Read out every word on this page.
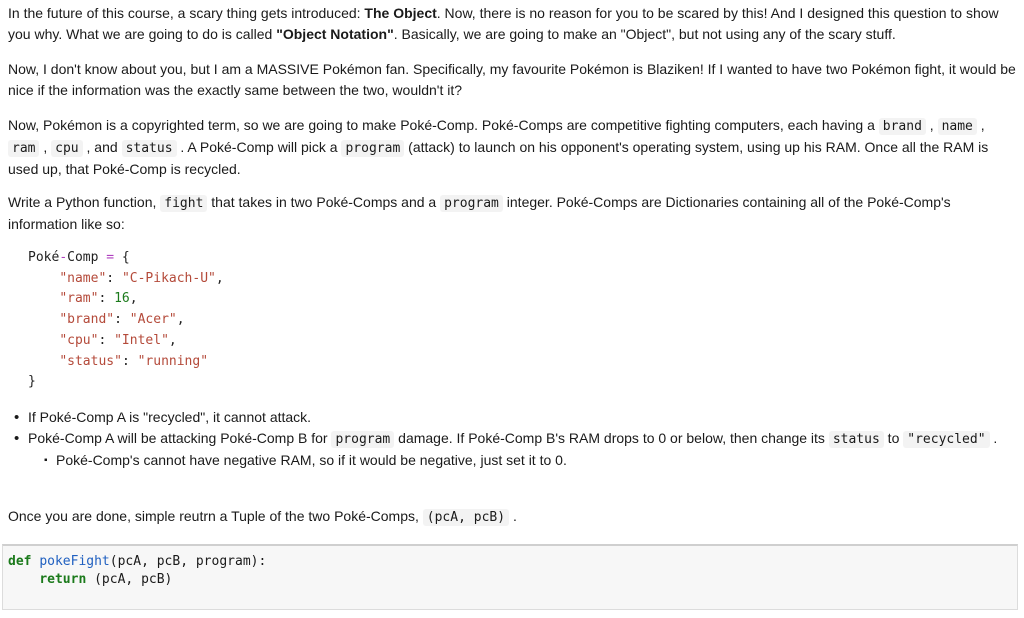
In the future of this course, a scary thing gets introduced: The Object. Now, there is no reason for you to be scared by this! And I designed this question to show you why. What we are going to do is called "Object Notation". Basically, we are going to make an "Object", but not using any of the scary stuff.

Now, I don't know about you, but I am a MASSIVE Pokémon fan. Specifically, my favourite Pokémon is Blaziken! If I wanted to have two Pokémon fight, it would be nice if the information was the exactly same between the two, wouldn't it?

Now, Pokémon is a copyrighted term, so we are going to make Poké-Comp. Poké-Comps are competitive fighting computers, each having a brand , name , ram , cpu , and status . A Poké-Comp will pick a program (attack) to launch on his opponent's operating system, using up his RAM. Once all the RAM is used up, that Poké-Comp is recycled.

Write a Python function, fight that takes in two Poké-Comps and a program integer. Poké-Comps are Dictionaries containing all of the Poké-Comp's information like so:

Poké-Comp = {
"name": "C-Pikach-U",
"ram": 16,
"brand": "Acer",
"cpu": "Intel",
"status": "running"
}
• If Poké-Comp A is "recycled", it cannot attack.
• Poké-Comp A will be attacking Poké-Comp B for program damage. If Poké-Comp B's RAM drops to 0 or below, then change its status to "recycled" .
▪ Poké-Comp's cannot have negative RAM, so if it would be negative, just set it to 0.

Once you are done, simple reutrn a Tuple of the two Poké-Comps, (pcA, pcB) .

def pokeFight(pcA, pcB, program):
return (pcA, pcB)
